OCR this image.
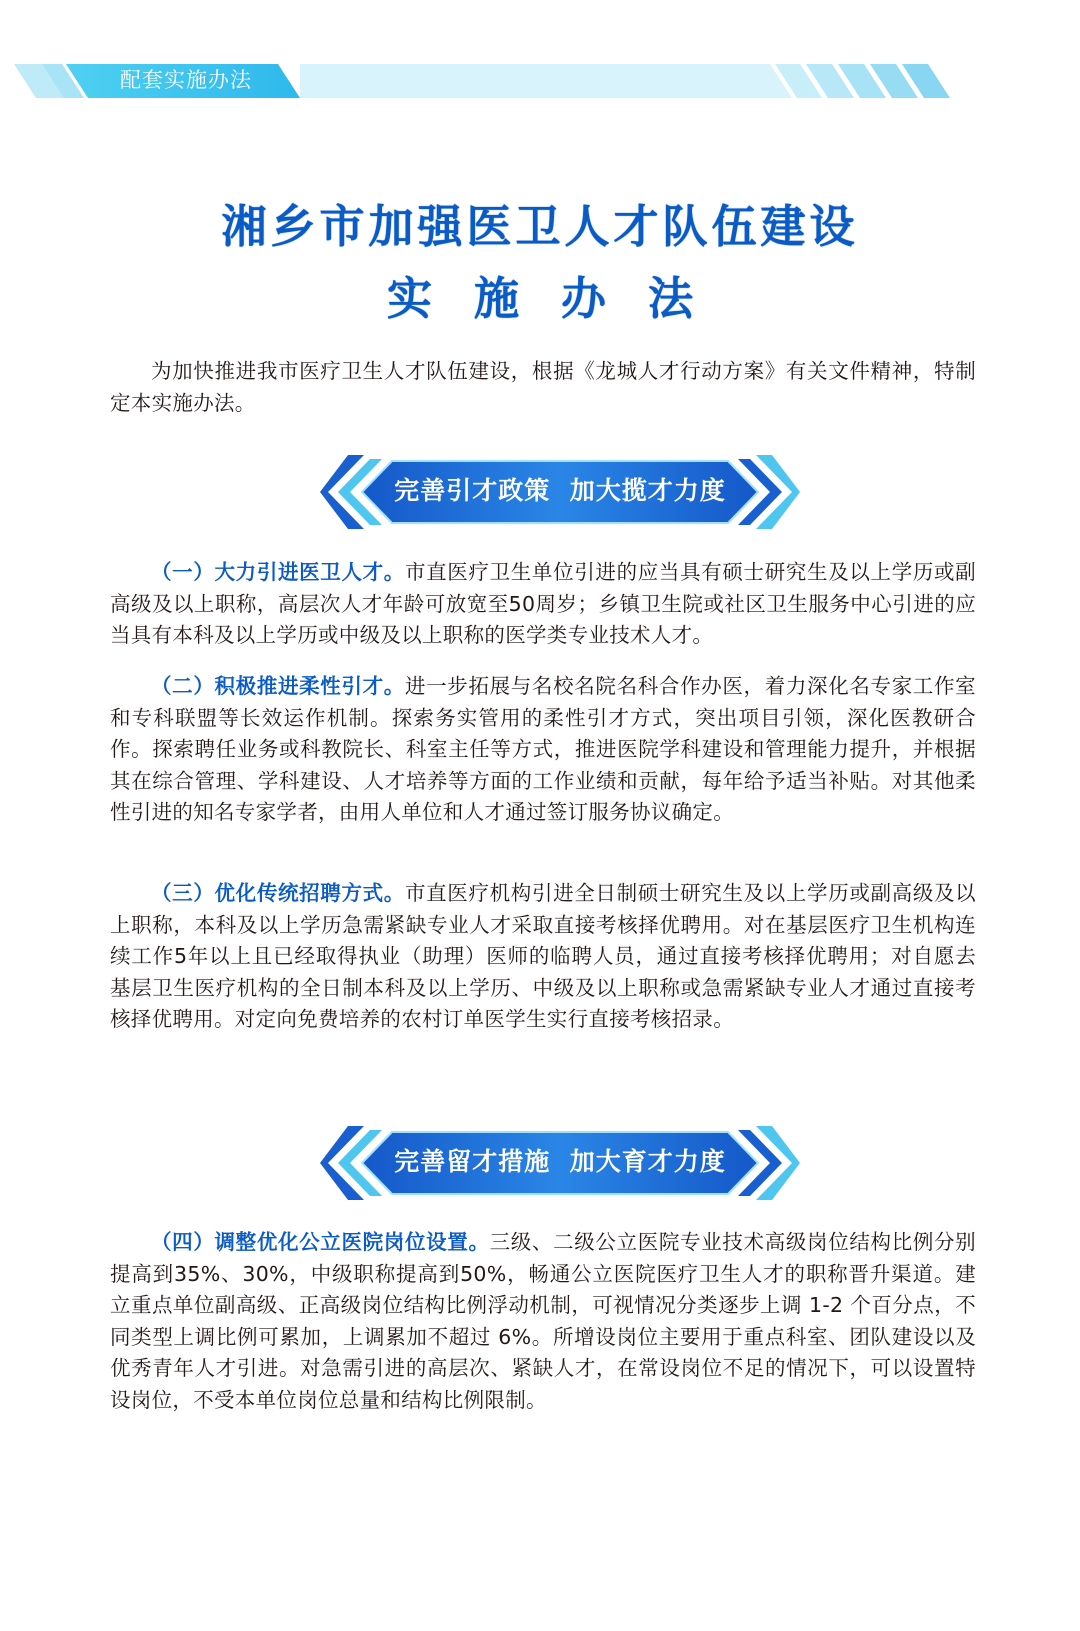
配套实施办法
湘乡市加强医卫人才队伍建设
实施办法
为加快推进我市医疗卫生人才队伍建设，根据《龙城人才行动方案》有关文件精神，特制定本实施办法。
完善引才政策  加大揽才力度
（一）大力引进医卫人才。市直医疗卫生单位引进的应当具有硕士研究生及以上学历或副高级及以上职称，高层次人才年龄可放宽至50周岁；乡镇卫生院或社区卫生服务中心引进的应当具有本科及以上学历或中级及以上职称的医学类专业技术人才。
（二）积极推进柔性引才。进一步拓展与名校名院名科合作办医，着力深化名专家工作室和专科联盟等长效运作机制。探索务实管用的柔性引才方式，突出项目引领，深化医教研合作。探索聘任业务或科教院长、科室主任等方式，推进医院学科建设和管理能力提升，并根据其在综合管理、学科建设、人才培养等方面的工作业绩和贡献，每年给予适当补贴。对其他柔性引进的知名专家学者，由用人单位和人才通过签订服务协议确定。
（三）优化传统招聘方式。市直医疗机构引进全日制硕士研究生及以上学历或副高级及以上职称，本科及以上学历急需紧缺专业人才采取直接考核择优聘用。对在基层医疗卫生机构连续工作5年以上且已经取得执业（助理）医师的临聘人员，通过直接考核择优聘用；对自愿去基层卫生医疗机构的全日制本科及以上学历、中级及以上职称或急需紧缺专业人才通过直接考核择优聘用。对定向免费培养的农村订单医学生实行直接考核招录。
完善留才措施  加大育才力度
（四）调整优化公立医院岗位设置。三级、二级公立医院专业技术高级岗位结构比例分别提高到35%、30%，中级职称提高到50%，畅通公立医院医疗卫生人才的职称晋升渠道。建立重点单位副高级、正高级岗位结构比例浮动机制，可视情况分类逐步上调 1-2 个百分点，不同类型上调比例可累加，上调累加不超过 6%。所增设岗位主要用于重点科室、团队建设以及优秀青年人才引进。对急需引进的高层次、紧缺人才，在常设岗位不足的情况下，可以设置特设岗位，不受本单位岗位总量和结构比例限制。
